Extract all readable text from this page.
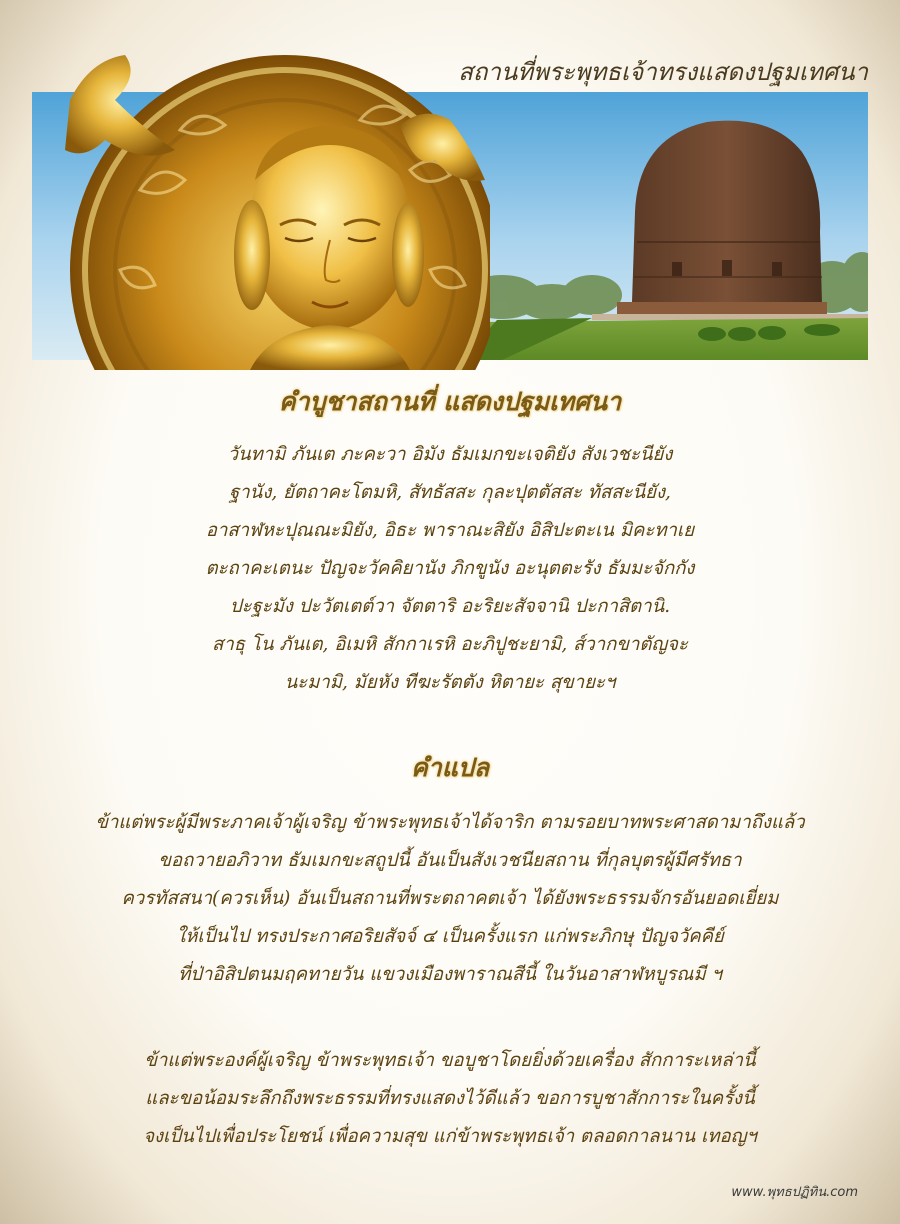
สถานที่พระพุทธเจ้าทรงแสดงปฐมเทศนา
คำบูชาสถานที่ แสดงปฐมเทศนา
วันทามิ ภันเต ภะคะวา อิมัง ธัมเมกขะเจติยัง สังเวชะนียัง
ฐานัง, ยัตถาคะโตมหิ, สัทธัสสะ กุละปุตตัสสะ ทัสสะนียัง,
อาสาฬหะปุณณะมิยัง, อิธะ พาราณะสิยัง อิสิปะตะเน มิคะทาเย
ตะถาคะเตนะ ปัญจะวัคคิยานัง ภิกขูนัง อะนุตตะรัง ธัมมะจักกัง
ปะฐะมัง ปะวัตเตต์วา จัตตาริ อะริยะสัจจานิ ปะกาสิตานิ.
สาธุ โน ภันเต, อิเมหิ สักกาเรหิ อะภิปูชะยามิ, ส์วากขาตัญจะ
นะมามิ, มัยหัง ทีฆะรัตตัง หิตายะ สุขายะฯ
คำแปล
ข้าแต่พระผู้มีพระภาคเจ้าผู้เจริญ ข้าพระพุทธเจ้าได้จาริก ตามรอยบาทพระศาสดามาถึงแล้ว
ขอถวายอภิวาท ธัมเมกขะสถูปนี้ อันเป็นสังเวชนียสถาน ที่กุลบุตรผู้มีศรัทธา
ควรทัสสนา(ควรเห็น) อันเป็นสถานที่พระตถาคตเจ้า ได้ยังพระธรรมจักรอันยอดเยี่ยม
ให้เป็นไป ทรงประกาศอริยสัจจ์ ๔ เป็นครั้งแรก แก่พระภิกษุ ปัญจวัคคีย์
ที่ป่าอิสิปตนมฤคทายวัน แขวงเมืองพาราณสีนี้ ในวันอาสาฬหบูรณมี ฯ
ข้าแต่พระองค์ผู้เจริญ ข้าพระพุทธเจ้า ขอบูชาโดยยิ่งด้วยเครื่อง สักการะเหล่านี้
และขอน้อมระลึกถึงพระธรรมที่ทรงแสดงไว้ดีแล้ว ขอการบูชาสักการะในครั้งนี้
จงเป็นไปเพื่อประโยชน์ เพื่อความสุข แก่ข้าพระพุทธเจ้า ตลอดกาลนาน เทอญฯ
www.พุทธปฏิทิน.com
